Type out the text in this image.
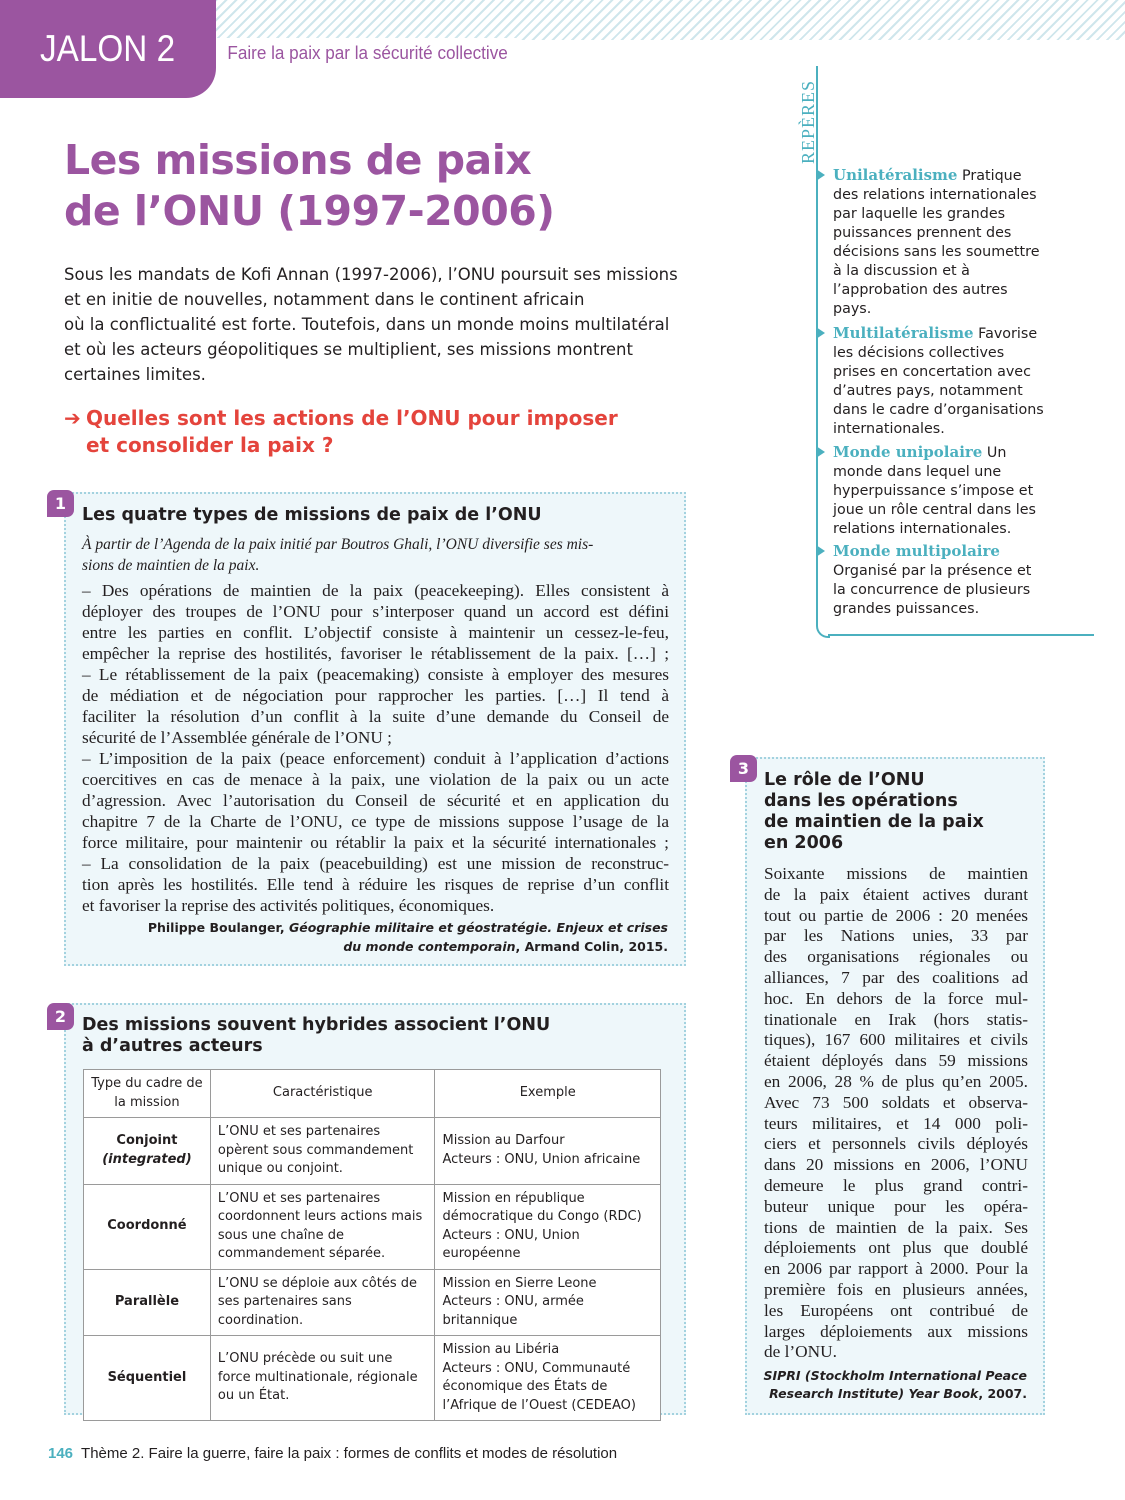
JALON 2	Faire la paix par la sécurité collective
Les missions de paix
de l’ONU (1997-2006)
Sous les mandats de Kofi Annan (1997-2006), l’ONU poursuit ses missions
et en initie de nouvelles, notamment dans le continent africain
où la conflictualité est forte. Toutefois, dans un monde moins multilatéral
et où les acteurs géopolitiques se multiplient, ses missions montrent
certaines limites.
➔ Quelles sont les actions de l’ONU pour imposer
et consolider la paix ?
1
Les quatre types de missions de paix de l’ONU
À partir de l’Agenda de la paix initié par Boutros Ghali, l’ONU diversifie ses mis-
sions de maintien de la paix.
– Des opérations de maintien de la paix (peacekeeping). Elles consistent à
déployer des troupes de l’ONU pour s’interposer quand un accord est défini
entre les parties en conflit. L’objectif consiste à maintenir un cessez-le-feu,
empêcher la reprise des hostilités, favoriser le rétablissement de la paix. […] ;
– Le rétablissement de la paix (peacemaking) consiste à employer des mesures
de médiation et de négociation pour rapprocher les parties. […] Il tend à
faciliter la résolution d’un conflit à la suite d’une demande du Conseil de
sécurité de l’Assemblée générale de l’ONU ;
– L’imposition de la paix (peace enforcement) conduit à l’application d’actions
coercitives en cas de menace à la paix, une violation de la paix ou un acte
d’agression. Avec l’autorisation du Conseil de sécurité et en application du
chapitre 7 de la Charte de l’ONU, ce type de missions suppose l’usage de la
force militaire, pour maintenir ou rétablir la paix et la sécurité internationales ;
– La consolidation de la paix (peacebuilding) est une mission de reconstruc-
tion après les hostilités. Elle tend à réduire les risques de reprise d’un conflit
et favoriser la reprise des activités politiques, économiques.
Philippe Boulanger, Géographie militaire et géostratégie. Enjeux et crises
du monde contemporain, Armand Colin, 2015.
2 Des missions souvent hybrides associent l’ONU
à d’autres acteurs
Type du cadre de la mission	Caractéristique	Exemple
Conjoint
(integrated)	L’ONU et ses partenaires opèrent sous commandement unique ou conjoint.	Mission au Darfour
Acteurs : ONU, Union africaine
Coordonné	L’ONU et ses partenaires coordonnent leurs actions mais sous une chaîne de commandement séparée.	Mission en république démocratique du Congo (RDC)
Acteurs : ONU, Union européenne
Parallèle	L’ONU se déploie aux côtés de ses partenaires sans coordination.	Mission en Sierre Leone
Acteurs : ONU, armée britannique
Séquentiel	L’ONU précède ou suit une force multinationale, régionale ou un État.	Mission au Libéria
Acteurs : ONU, Communauté économique des États de l’Afrique de l’Ouest (CEDEAO)
REPÈRES
Unilatéralisme Pratique des relations internationales par laquelle les grandes puissances prennent des décisions sans les soumettre à la discussion et à l’approbation des autres pays.
Multilatéralisme Favorise les décisions collectives prises en concertation avec d’autres pays, notamment dans le cadre d’organisations internationales.
Monde unipolaire Un monde dans lequel une hyperpuissance s’impose et joue un rôle central dans les relations internationales.
Monde multipolaire Organisé par la présence et la concurrence de plusieurs grandes puissances.
3
Le rôle de l’ONU
dans les opérations
de maintien de la paix
en 2006
Soixante missions de maintien
de la paix étaient actives durant
tout ou partie de 2006 : 20 menées
par les Nations unies, 33 par
des organisations régionales ou
alliances, 7 par des coalitions ad
hoc. En dehors de la force mul-
tinationale en Irak (hors statis-
tiques), 167 600 militaires et civils
étaient déployés dans 59 missions
en 2006, 28 % de plus qu’en 2005.
Avec 73 500 soldats et observa-
teurs militaires, et 14 000 poli-
ciers et personnels civils déployés
dans 20 missions en 2006, l’ONU
demeure le plus grand contri-
buteur unique pour les opéra-
tions de maintien de la paix. Ses
déploiements ont plus que doublé
en 2006 par rapport à 2000. Pour la
première fois en plusieurs années,
les Européens ont contribué de
larges déploiements aux missions
de l’ONU.
SIPRI (Stockholm International Peace
Research Institute) Year Book, 2007.
146 Thème 2. Faire la guerre, faire la paix : formes de conflits et modes de résolution
